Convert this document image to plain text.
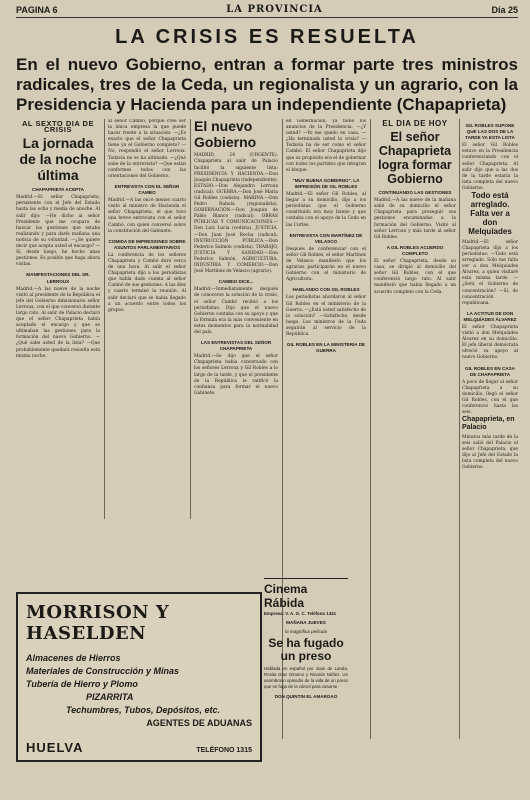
PAGINA 6	LA PROVINCIA	Día 25
LA CRISIS ES RESUELTA
En el nuevo Gobierno, entran a formar parte tres ministros radicales, tres de la Ceda, un regionalista y un agrario, con la Presidencia y Hacienda para un independiente (Chapaprieta)
AL SEXTO DIA DE CRISIS
La jornada de la noche última
CHAPAPRIETA ACEPTA
Madrid.—El señor Chapaprieta, persistente con el Jefe del Estado hasta las ocho y media de anoche. Al salir dijo: —He dicho al señor Presidente que me ocupara de buscar las gestiones que estaba realizando y para darle mañana una noticia de su voluntad. —¿Se quiere decir que acepta usted el encargo? —Sí, desde luego, he hecho unas gestiones. Es posible que haga ahora visitas.
MANIFESTACIONES DEL SR. LERROUX
Madrid.—A las nueve de la noche visitó al presidente de la República el jefe del Gobierno dimisionario señor Lerroux, con el que conversó durante largo rato. Al salir de Palacio declaró que el señor Chapaprieta había aceptado el encargo y que se ultimaban las gestiones para la formación del nuevo Gobierno. —¿Qué sabe usted de la lista? —Que probablemente quedará resuelta esta misma noche.
al señor Cambó, porque cree ser la única empresa la que puede hacer frente a la situación. —¿Es exacto que el señor Chapaprieta tiene ya el Gobierno completo? —No, respondió el señor Lerroux. Todavía no se ha ultimado. —¿Qué sabe de la entrevista? —Que están conformes todos con las orientaciones del Gobierno.
ENTREVISTA CON EL SEÑOR CAMBO
Madrid.—A las once menos cuarto visitó al ministro de Hacienda el señor Chapaprieta, el que tuvo una breve entrevista con el señor Cambó, con quien conversó sobre la constitución del Gabinete.
COMIDA DE IMPRESIONES SOBRE ASUNTOS PARLAMENTARIOS
La conferencia de los señores Chapaprieta y Cambó duró cerca de una hora. Al salir el señor Chapaprieta dijo a los periodistas que había dado cuenta al señor Cambó de sus gestiones. A las diez y cuarto terminó la reunión. Al salir declaró que se había llegado a un acuerdo entre todos los grupos.
El nuevo Gobierno
MADRID, 24 (URGENTE). Chapaprieta al salir de Palacio facilitó la siguiente lista: PRESIDENCIA Y HACIENDA.—Don Joaquín Chapaprieta (independiente). ESTADO.—Don Alejandro Lerroux (radical). GUERRA.—Don José María Gil Robles (cedista). MARINA.—Don Pedro Rahola (regionalista). GOBERNACIÓN.—Don Joaquín de Pablo Blanco (radical). OBRAS PÚBLICAS Y COMUNICACIONES.—Don Luis Lucia (cedista). JUSTICIA.—Don Juan José Rocha (radical). INSTRUCCIÓN PÚBLICA.—Don Federico Salmón (cedista). TRABAJO, JUSTICIA Y SANIDAD.—Don Federico Salmón. AGRICULTURA, INDUSTRIA Y COMERCIO.—Don José Martínez de Velasco (agrario).
CAMBIO DICE...
Madrid.—Inmediatamente después de conocerse la solución de la crisis, el señor Cambó recibió a los periodistas. Dijo que el nuevo Gobierno contaba con su apoyo y que la fórmula era la más conveniente en estos momentos para la normalidad del país.
LAS ENTREVISTAS DEL SEÑOR CHAPAPRIETA
Madrid.—Se dijo que el señor Chapaprieta había conversado con los señores Lerroux y Gil Robles a lo largo de la tarde, y que el presidente de la República le ratificó la confianza para formar el nuevo Gabinete.
en Gobernación, ya tiene los anuncios de la Presidencia. —¿Y usted? —Yo me quedo en casa. —¿Ha terminado usted la crisis? —Todavía ha de ser como el señor Cambó. El señor Chapaprieta dijo que su propósito era el de gobernar con todos los partidos que integran el bloque.
"MUY BUENA GOBIERNO". LA IMPRESIÓN DE GIL ROBLES
Madrid.—El señor Gil Robles, al llegar a su domicilio, dijo a los periodistas que el Gobierno constituido era muy bueno y que contaba con el apoyo de la Ceda en las Cortes.
ENTREVISTA CON MARTÍNEZ DE VELASCO
Después de conferenciar con el señor Gil Robles, el señor Martínez de Velasco manifestó que los agrarios participarán en el nuevo Gobierno con el ministerio de Agricultura.
HABLANDO CON GIL ROBLES
Los periodistas abordaron al señor Gil Robles en el ministerio de la Guerra. —¿Está usted satisfecho de la solución? —Satisfecho, desde luego. Los ministros de la Ceda seguirán al servicio de la República.
GIL ROBLES EN LA MINISTERIA DE GUERRA
EL DIA DE HOY
El señor Chapaprieta logra formar Gobierno
CONTINUANDO LAS GESTIONES
Madrid.—A las nueve de la mañana salió de su domicilio el señor Chapaprieta para proseguir sus gestiones encaminadas a la formación del Gobierno. Visitó al señor Lerroux y más tarde al señor Gil Robles.
A GIL ROBLES ACUERDO COMPLETO
El señor Chapaprieta, desde su casa, se dirigió al domicilio del señor Gil Robles, con el que conferenció largo rato. Al salir manifestó que había llegado a un acuerdo completo con la Ceda.
GIL ROBLES SUPONE QUE LAS DOS DE LA TARDE YA ESTA LISTA
El señor Gil Robles estuvo en la Presidencia conferenciando con el señor Chapaprieta. Al salir dijo que a las dos de la tarde estaría la lista completa del nuevo Gobierno.
Todo está arreglado. Falta ver a don Melquíades
Madrid.—El señor Chapaprieta dijo a los periodistas: —Todo está arreglado. Sólo me falta ver a don Melquíades Álvarez, a quien visitaré esta misma tarde. —¿Será el Gobierno de concentración? —Sí, de concentración republicana.
LA ACTITUD DE DON MELQUÍADES ÁLVAREZ
El señor Chapaprieta visitó a don Melquíades Álvarez en su domicilio. El jefe liberal demócrata ofreció su apoyo al nuevo Gobierno.
GIL ROBLES EN CASA DE CHAPAPRIETA
A poco de llegar el señor Chapaprieta a su domicilio, llegó el señor Gil Robles, con el que conferenció hasta las seis.
Chapaprieta, en Palacio
Minutos más tarde de la seis salió del Palacio el señor Chapaprieta, que dijo al Jefe del Estado la lista completa del nuevo Gobierno.
MORRISON Y HASELDEN
Almacenes de Hierros
Materiales de Construcción y Minas
Tubería de Hierro y Plomo
PIZARRITA
Techumbres, Tubos, Depósitos, etc.
AGENTES DE ADUANAS
HUELVA	TELÉFONO 1315
Cinema Rábida
Empresa: V. A. G. C. Teléfono 1341
MAÑANA JUEVES
la magnífica película
Se ha fugado un preso
Hablada en español por Juan de Landa, Rosita Díaz Gimeno y Ricardo Núñez. Un asombroso episodio de la vida de un preso que se fuga de la cárcel para casarse.
DON QUINTIN EL AMARGAO
